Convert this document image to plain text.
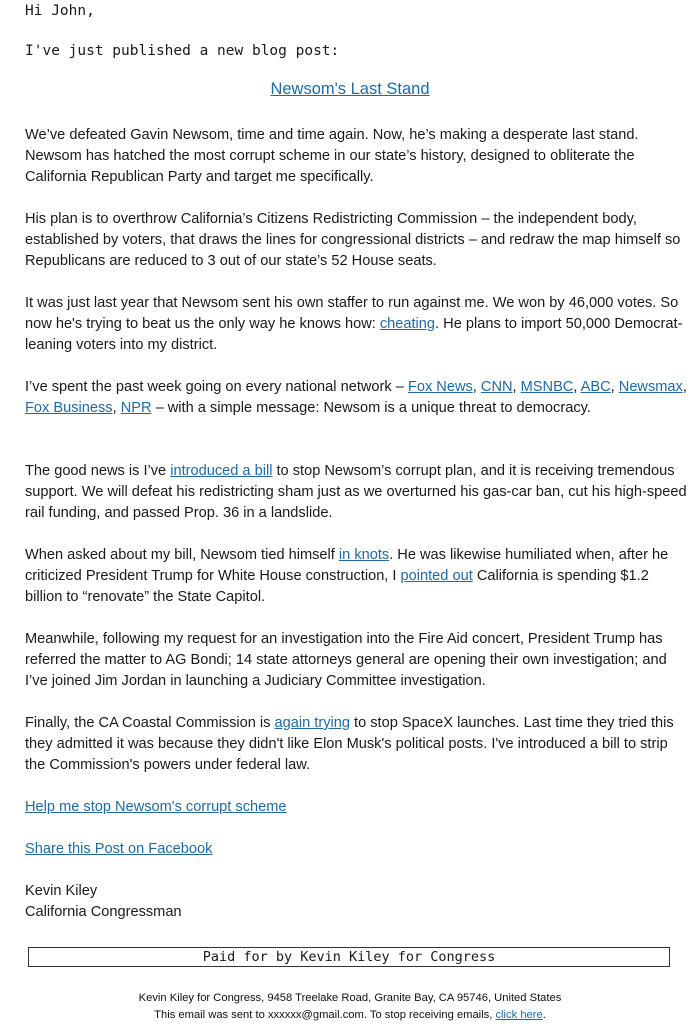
Hi John,

I've just published a new blog post:

Newsom's Last Stand

We’ve defeated Gavin Newsom, time and time again. Now, he’s making a desperate last stand. Newsom has hatched the most corrupt scheme in our state’s history, designed to obliterate the California Republican Party and target me specifically.

His plan is to overthrow California’s Citizens Redistricting Commission – the independent body, established by voters, that draws the lines for congressional districts – and redraw the map himself so Republicans are reduced to 3 out of our state’s 52 House seats.

It was just last year that Newsom sent his own staffer to run against me. We won by 46,000 votes. So now he's trying to beat us the only way he knows how: cheating. He plans to import 50,000 Democrat-leaning voters into my district.

I’ve spent the past week going on every national network – Fox News, CNN, MSNBC, ABC, Newsmax, Fox Business, NPR – with a simple message: Newsom is a unique threat to democracy.

The good news is I’ve introduced a bill to stop Newsom’s corrupt plan, and it is receiving tremendous support. We will defeat his redistricting sham just as we overturned his gas-car ban, cut his high-speed rail funding, and passed Prop. 36 in a landslide.

When asked about my bill, Newsom tied himself in knots. He was likewise humiliated when, after he criticized President Trump for White House construction, I pointed out California is spending $1.2 billion to “renovate” the State Capitol.

Meanwhile, following my request for an investigation into the Fire Aid concert, President Trump has referred the matter to AG Bondi; 14 state attorneys general are opening their own investigation; and I’ve joined Jim Jordan in launching a Judiciary Committee investigation.

Finally, the CA Coastal Commission is again trying to stop SpaceX launches. Last time they tried this they admitted it was because they didn't like Elon Musk's political posts. I've introduced a bill to strip the Commission's powers under federal law.

Help me stop Newsom's corrupt scheme

Share this Post on Facebook

Kevin Kiley
California Congressman
Paid for by Kevin Kiley for Congress
Kevin Kiley for Congress, 9458 Treelake Road, Granite Bay, CA 95746, United States
This email was sent to xxxxxx@gmail.com. To stop receiving emails, click here.
